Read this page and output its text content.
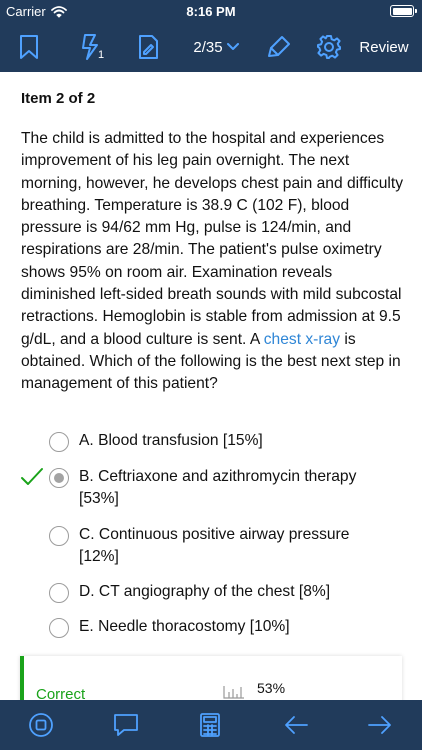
Carrier	8:16 PM
1	2/35	Review
Item 2 of 2
The child is admitted to the hospital and experiences improvement of his leg pain overnight. The next morning, however, he develops chest pain and difficulty breathing. Temperature is 38.9 C (102 F), blood pressure is 94/62 mm Hg, pulse is 124/min, and respirations are 28/min. The patient's pulse oximetry shows 95% on room air. Examination reveals diminished left-sided breath sounds with mild subcostal retractions. Hemoglobin is stable from admission at 9.5 g/dL, and a blood culture is sent. A chest x-ray is obtained. Which of the following is the best next step in management of this patient?
A. Blood transfusion [15%]
B. Ceftriaxone and azithromycin therapy [53%]
C. Continuous positive airway pressure [12%]
D. CT angiography of the chest [8%]
E. Needle thoracostomy [10%]
Correct	53%
